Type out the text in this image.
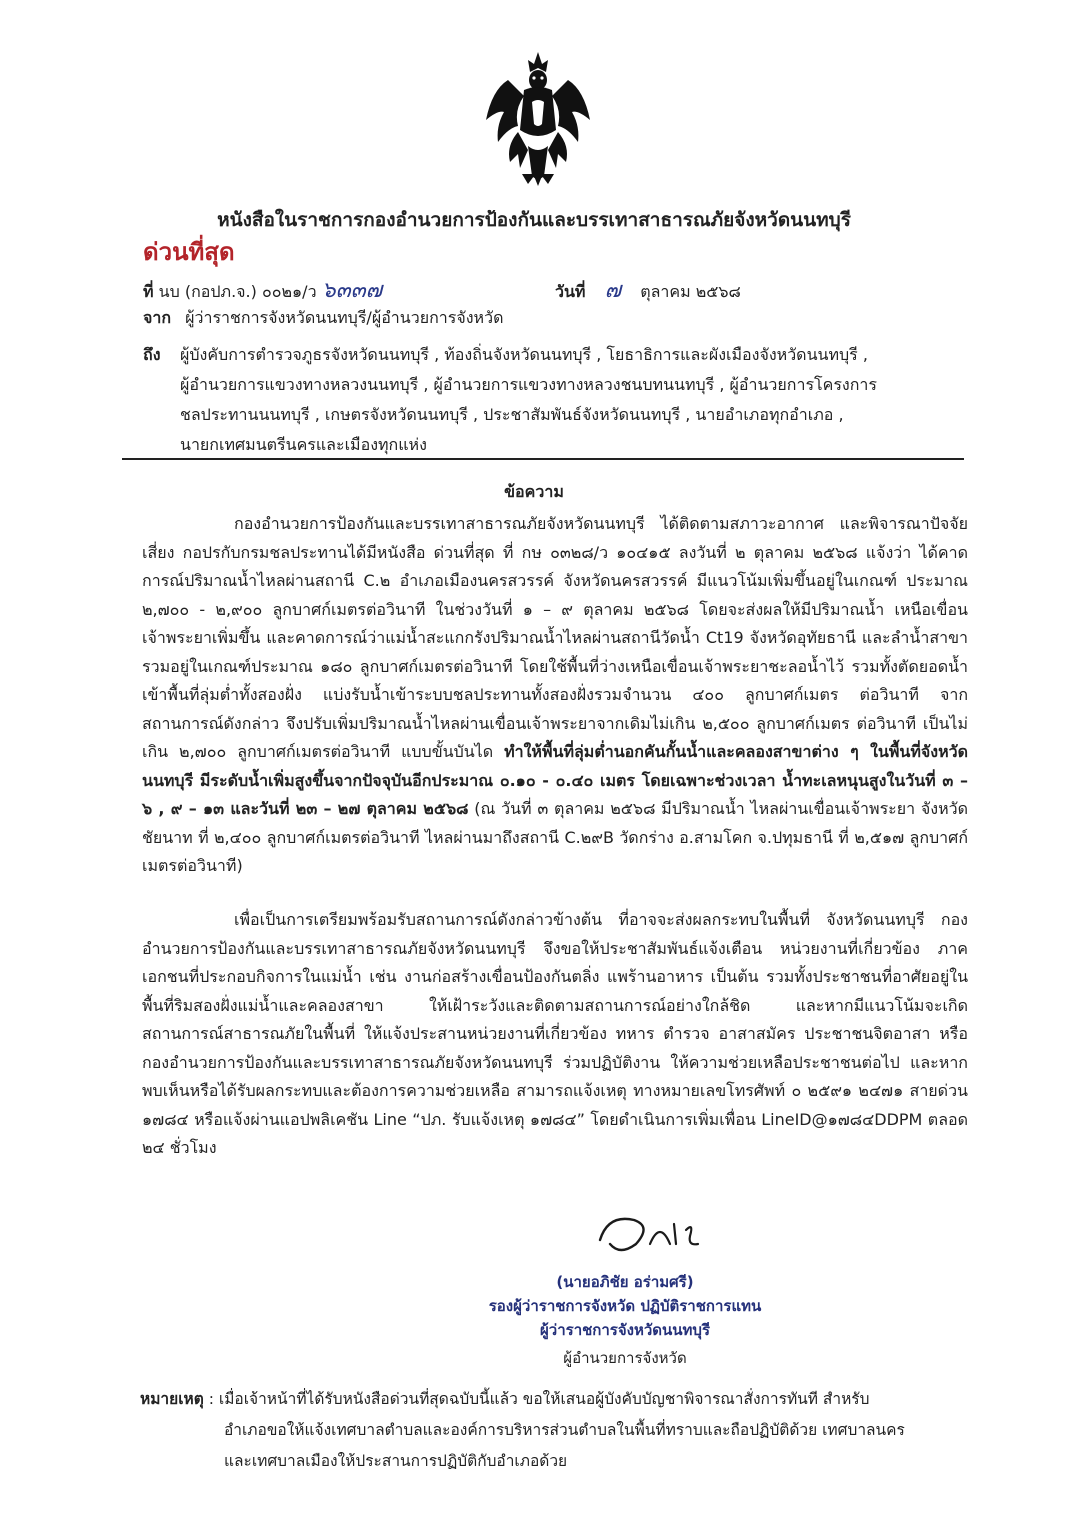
หนังสือในราชการกองอำนวยการป้องกันและบรรเทาสาธารณภัยจังหวัดนนทบุรี
ด่วนที่สุด
ที่ นบ (กอปภ.จ.) ๐๐๒๑/ว ๖๓๓๗	วันที่ ๗ ตุลาคม ๒๕๖๘
จาก ผู้ว่าราชการจังหวัดนนทบุรี/ผู้อำนวยการจังหวัด
ถึง ผู้บังคับการตำรวจภูธรจังหวัดนนทบุรี , ท้องถิ่นจังหวัดนนทบุรี , โยธาธิการและผังเมืองจังหวัดนนทบุรี ,
ผู้อำนวยการแขวงทางหลวงนนทบุรี , ผู้อำนวยการแขวงทางหลวงชนบทนนทบุรี , ผู้อำนวยการโครงการ
ชลประทานนนทบุรี , เกษตรจังหวัดนนทบุรี , ประชาสัมพันธ์จังหวัดนนทบุรี , นายอำเภอทุกอำเภอ ,
นายกเทศมนตรีนครและเมืองทุกแห่ง
ข้อความ
กองอำนวยการป้องกันและบรรเทาสาธารณภัยจังหวัดนนทบุรี ได้ติดตามสภาวะอากาศ และพิจารณาปัจจัยเสี่ยง กอปรกับกรมชลประทานได้มีหนังสือ ด่วนที่สุด ที่ กษ ๐๓๒๘/ว ๑๐๔๑๕ ลงวันที่ ๒ ตุลาคม ๒๕๖๘ แจ้งว่า ได้คาดการณ์ปริมาณน้ำไหลผ่านสถานี C.๒ อำเภอเมืองนครสวรรค์ จังหวัดนครสวรรค์ มีแนวโน้มเพิ่มขึ้นอยู่ในเกณฑ์ ประมาณ ๒,๗๐๐ - ๒,๙๐๐ ลูกบาศก์เมตรต่อวินาที ในช่วงวันที่ ๑ – ๙ ตุลาคม ๒๕๖๘ โดยจะส่งผลให้มีปริมาณน้ำ เหนือเขื่อนเจ้าพระยาเพิ่มขึ้น และคาดการณ์ว่าแม่น้ำสะแกกรังปริมาณน้ำไหลผ่านสถานีวัดน้ำ Ct19 จังหวัดอุทัยธานี และลำน้ำสาขา รวมอยู่ในเกณฑ์ประมาณ ๑๘๐ ลูกบาศก์เมตรต่อวินาที โดยใช้พื้นที่ว่างเหนือเขื่อนเจ้าพระยาชะลอน้ำไว้ รวมทั้งตัดยอดน้ำเข้าพื้นที่ลุ่มต่ำทั้งสองฝั่ง แบ่งรับน้ำเข้าระบบชลประทานทั้งสองฝั่งรวมจำนวน ๔๐๐ ลูกบาศก์เมตร ต่อวินาที จากสถานการณ์ดังกล่าว จึงปรับเพิ่มปริมาณน้ำไหลผ่านเขื่อนเจ้าพระยาจากเดิมไม่เกิน ๒,๕๐๐ ลูกบาศก์เมตร ต่อวินาที เป็นไม่เกิน ๒,๗๐๐ ลูกบาศก์เมตรต่อวินาที แบบขั้นบันได ทำให้พื้นที่ลุ่มต่ำนอกคันกั้นน้ำและคลองสาขาต่าง ๆ ในพื้นที่จังหวัดนนทบุรี มีระดับน้ำเพิ่มสูงขึ้นจากปัจจุบันอีกประมาณ ๐.๑๐ - ๐.๔๐ เมตร โดยเฉพาะช่วงเวลา น้ำทะเลหนุนสูงในวันที่ ๓ – ๖ , ๙ – ๑๓ และวันที่ ๒๓ – ๒๗ ตุลาคม ๒๕๖๘ (ณ วันที่ ๓ ตุลาคม ๒๕๖๘ มีปริมาณน้ำ ไหลผ่านเขื่อนเจ้าพระยา จังหวัดชัยนาท ที่ ๒,๔๐๐ ลูกบาศก์เมตรต่อวินาที ไหลผ่านมาถึงสถานี C.๒๙B วัดกร่าง อ.สามโคก จ.ปทุมธานี ที่ ๒,๕๑๗ ลูกบาศก์เมตรต่อวินาที)
เพื่อเป็นการเตรียมพร้อมรับสถานการณ์ดังกล่าวข้างต้น ที่อาจจะส่งผลกระทบในพื้นที่ จังหวัดนนทบุรี กองอำนวยการป้องกันและบรรเทาสาธารณภัยจังหวัดนนทบุรี จึงขอให้ประชาสัมพันธ์แจ้งเตือน หน่วยงานที่เกี่ยวข้อง ภาคเอกชนที่ประกอบกิจการในแม่น้ำ เช่น งานก่อสร้างเขื่อนป้องกันตลิ่ง แพร้านอาหาร เป็นต้น รวมทั้งประชาชนที่อาศัยอยู่ในพื้นที่ริมสองฝั่งแม่น้ำและคลองสาขา ให้เฝ้าระวังและติดตามสถานการณ์อย่างใกล้ชิด และหากมีแนวโน้มจะเกิดสถานการณ์สาธารณภัยในพื้นที่ ให้แจ้งประสานหน่วยงานที่เกี่ยวข้อง ทหาร ตำรวจ อาสาสมัคร ประชาชนจิตอาสา หรือกองอำนวยการป้องกันและบรรเทาสาธารณภัยจังหวัดนนทบุรี ร่วมปฏิบัติงาน ให้ความช่วยเหลือประชาชนต่อไป และหากพบเห็นหรือได้รับผลกระทบและต้องการความช่วยเหลือ สามารถแจ้งเหตุ ทางหมายเลขโทรศัพท์ ๐ ๒๕๙๑ ๒๔๗๑ สายด่วน ๑๗๘๔ หรือแจ้งผ่านแอปพลิเคชัน Line “ปภ. รับแจ้งเหตุ ๑๗๘๔” โดยดำเนินการเพิ่มเพื่อน LineID@๑๗๘๔DDPM ตลอด ๒๔ ชั่วโมง
(นายอภิชัย อร่ามศรี)
รองผู้ว่าราชการจังหวัด ปฏิบัติราชการแทน
ผู้ว่าราชการจังหวัดนนทบุรี
ผู้อำนวยการจังหวัด
หมายเหตุ : เมื่อเจ้าหน้าที่ได้รับหนังสือด่วนที่สุดฉบับนี้แล้ว ขอให้เสนอผู้บังคับบัญชาพิจารณาสั่งการทันที สำหรับ
อำเภอขอให้แจ้งเทศบาลตำบลและองค์การบริหารส่วนตำบลในพื้นที่ทราบและถือปฏิบัติด้วย เทศบาลนคร
และเทศบาลเมืองให้ประสานการปฏิบัติกับอำเภอด้วย
